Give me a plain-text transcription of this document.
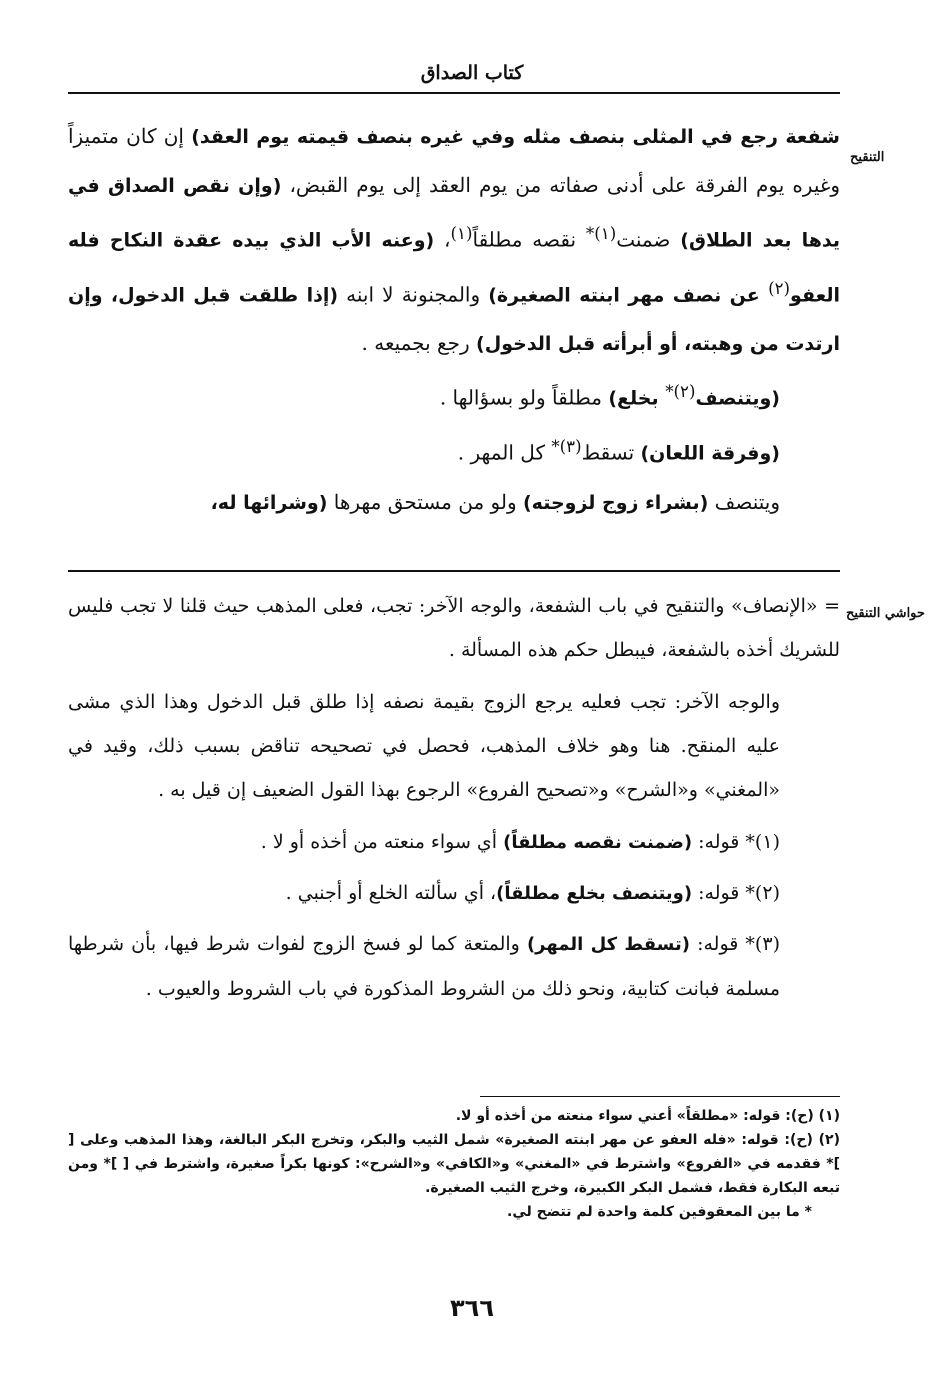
كتاب الصداق
التنقيح
حواشي التنقيح
شفعة رجع في المثلى بنصف مثله وفي غيره بنصف قيمته يوم العقد) إن كان متميزاً وغيره يوم الفرقة على أدنى صفاته من يوم العقد إلى يوم القبض، (وإن نقص الصداق في يدها بعد الطلاق) ضمنت$^{(١)*}$ نقصه مطلقاً$^{(١)}$، (وعنه الأب الذي بيده عقدة النكاح فله العفو$^{(٢)}$ عن نصف مهر ابنته الصغيرة) والمجنونة لا ابنه (إذا طلقت قبل الدخول، وإن ارتدت من وهبته، أو أبرأته قبل الدخول) رجع بجميعه .
(ويتنصف$^{(٢)*}$ بخلع) مطلقاً ولو بسؤالها .
(وفرقة اللعان) تسقط$^{(٣)*}$ كل المهر .
ويتنصف (بشراء زوج لزوجته) ولو من مستحق مهرها (وشرائها له،
= «الإنصاف» والتنقيح في باب الشفعة، والوجه الآخر: تجب، فعلى المذهب حيث قلنا لا تجب فليس للشريك أخذه بالشفعة، فيبطل حكم هذه المسألة .
والوجه الآخر: تجب فعليه يرجع الزوج بقيمة نصفه إذا طلق قبل الدخول وهذا الذي مشى عليه المنقح. هنا وهو خلاف المذهب، فحصل في تصحيحه تناقض بسبب ذلك، وقيد في «المغني» و«الشرح» و«تصحيح الفروع» الرجوع بهذا القول الضعيف إن قيل به .
(١)* قوله: (ضمنت نقصه مطلقاً) أي سواء منعته من أخذه أو لا .
(٢)* قوله: (ويتنصف بخلع مطلقاً)، أي سألته الخلع أو أجنبي .
(٣)* قوله: (تسقط كل المهر) والمتعة كما لو فسخ الزوج لفوات شرط فيها، بأن شرطها مسلمة فبانت كتابية، ونحو ذلك من الشروط المذكورة في باب الشروط والعيوب .
(١) (ح): قوله: «مطلقاً» أعني سواء منعته من أخذه أو لا.
(٢) (ح): قوله: «فله العفو عن مهر ابنته الصغيرة» شمل الثيب والبكر، وتخرج البكر البالغة، وهذا المذهب وعلى [ ]* فقدمه في «الفروع» واشترط في «المغني» و«الكافي» و«الشرح»: كونها بكراً صغيرة، واشترط في [ ]* ومن تبعه البكارة فقط، فشمل البكر الكبيرة، وخرج الثيب الصغيرة.
* ما بين المعقوفين كلمة واحدة لم تتضح لي.
٣٦٦
